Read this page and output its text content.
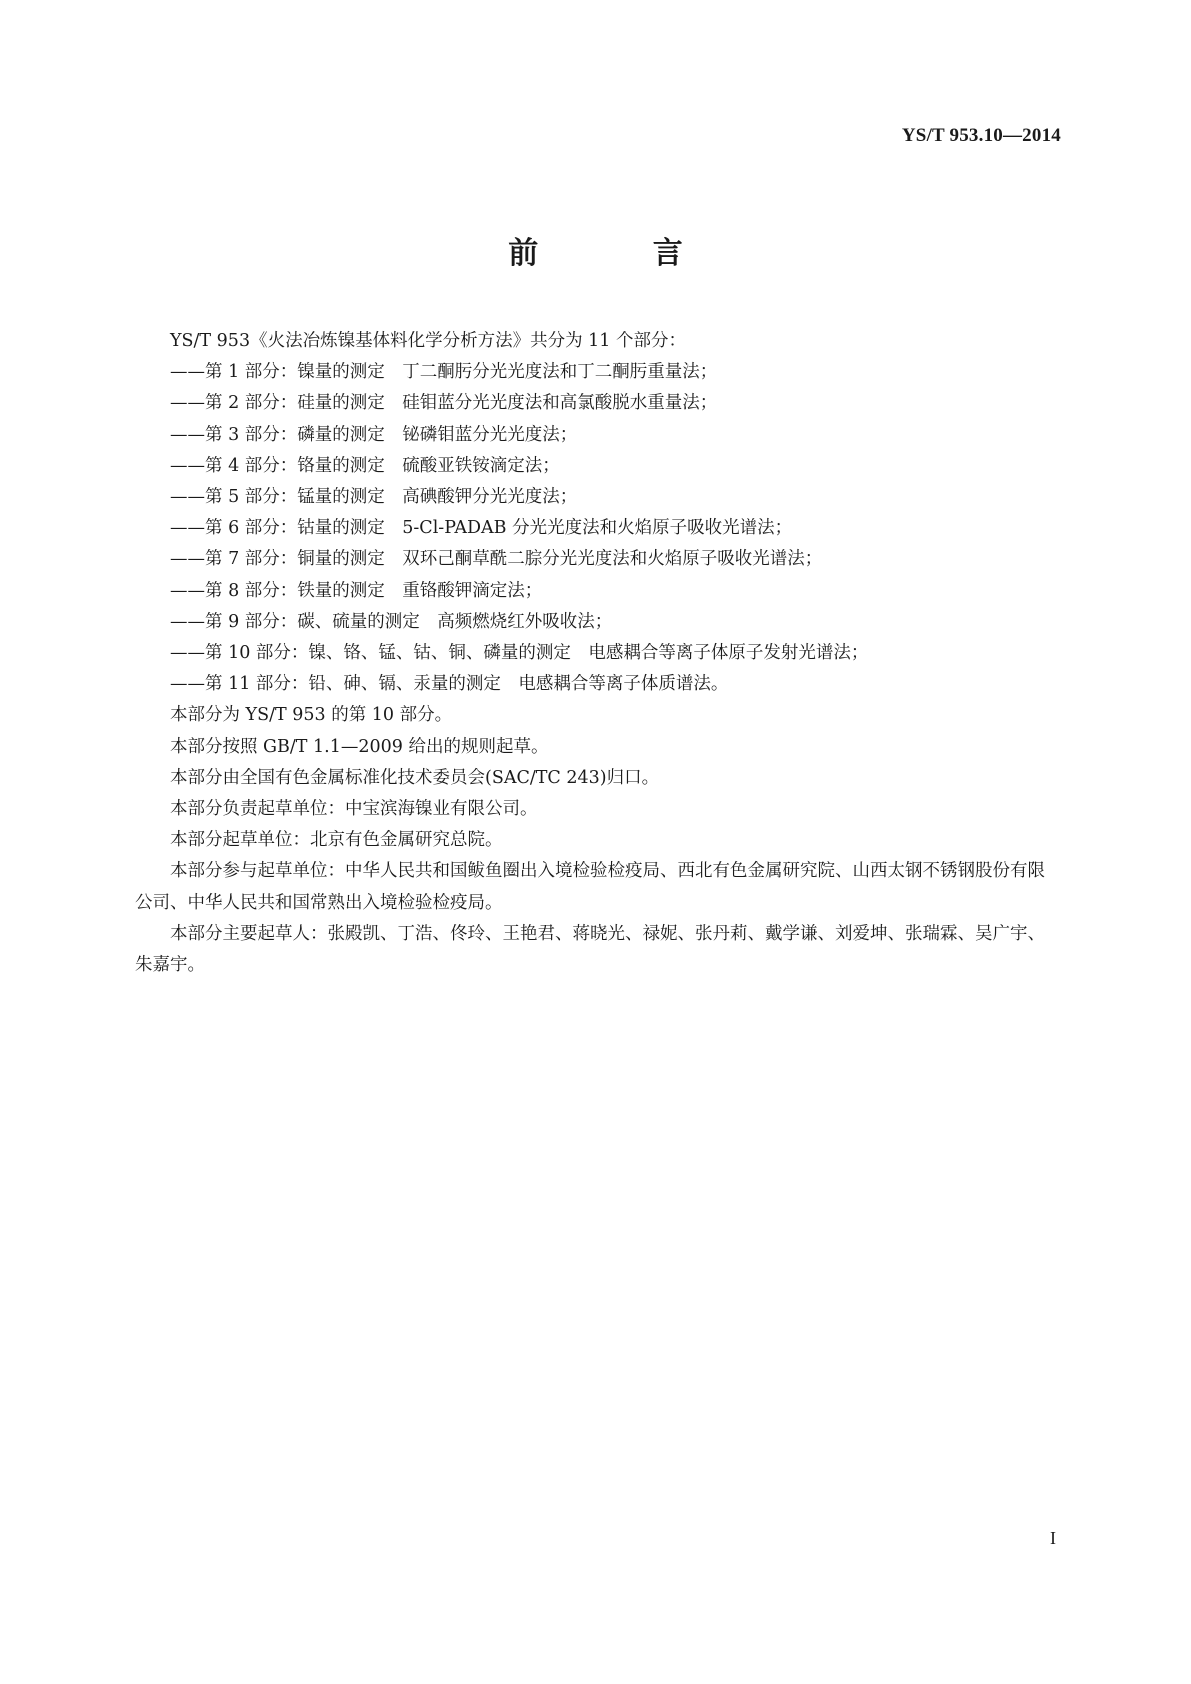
YS/T 953.10—2014
前 言

YS/T 953《火法冶炼镍基体料化学分析方法》共分为 11 个部分：

——第 1 部分：镍量的测定　丁二酮肟分光光度法和丁二酮肟重量法；

——第 2 部分：硅量的测定　硅钼蓝分光光度法和高氯酸脱水重量法；

——第 3 部分：磷量的测定　铋磷钼蓝分光光度法；

——第 4 部分：铬量的测定　硫酸亚铁铵滴定法；

——第 5 部分：锰量的测定　高碘酸钾分光光度法；

——第 6 部分：钴量的测定　5-Cl-PADAB 分光光度法和火焰原子吸收光谱法；

——第 7 部分：铜量的测定　双环己酮草酰二腙分光光度法和火焰原子吸收光谱法；

——第 8 部分：铁量的测定　重铬酸钾滴定法；

——第 9 部分：碳、硫量的测定　高频燃烧红外吸收法；

——第 10 部分：镍、铬、锰、钴、铜、磷量的测定　电感耦合等离子体原子发射光谱法；

——第 11 部分：铅、砷、镉、汞量的测定　电感耦合等离子体质谱法。

本部分为 YS/T 953 的第 10 部分。

本部分按照 GB/T 1.1—2009 给出的规则起草。

本部分由全国有色金属标准化技术委员会(SAC/TC 243)归口。

本部分负责起草单位：中宝滨海镍业有限公司。

本部分起草单位：北京有色金属研究总院。

本部分参与起草单位：中华人民共和国鲅鱼圈出入境检验检疫局、西北有色金属研究院、山西太钢不锈钢股份有限公司、中华人民共和国常熟出入境检验检疫局。

本部分主要起草人：张殿凯、丁浩、佟玲、王艳君、蒋晓光、禄妮、张丹莉、戴学谦、刘爱坤、张瑞霖、吴广宇、朱嘉宇。

I
